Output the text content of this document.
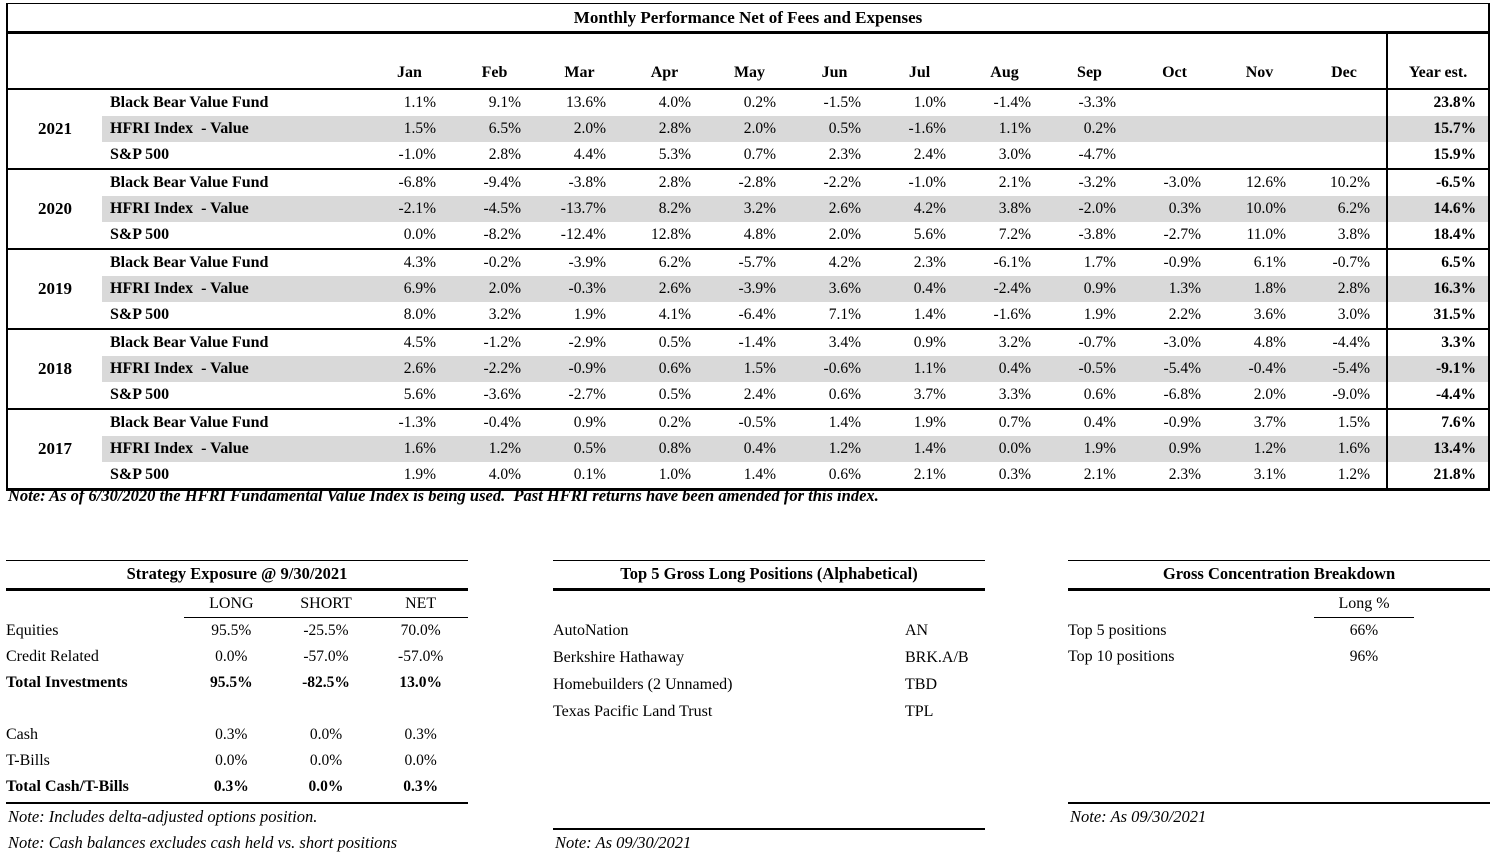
Monthly Performance Net of Fees and Expenses														
		Jan	Feb	Mar	Apr	May	Jun	Jul	Aug	Sep	Oct	Nov	Dec	Year est.
2021	Black Bear Value Fund	1.1%	9.1%	13.6%	4.0%	0.2%	-1.5%	1.0%	-1.4%	-3.3%				23.8%
	HFRI Index  - Value	1.5%	6.5%	2.0%	2.8%	2.0%	0.5%	-1.6%	1.1%	0.2%				15.7%
	S&P 500	-1.0%	2.8%	4.4%	5.3%	0.7%	2.3%	2.4%	3.0%	-4.7%				15.9%
2020	Black Bear Value Fund	-6.8%	-9.4%	-3.8%	2.8%	-2.8%	-2.2%	-1.0%	2.1%	-3.2%	-3.0%	12.6%	10.2%	-6.5%
	HFRI Index  - Value	-2.1%	-4.5%	-13.7%	8.2%	3.2%	2.6%	4.2%	3.8%	-2.0%	0.3%	10.0%	6.2%	14.6%
	S&P 500	0.0%	-8.2%	-12.4%	12.8%	4.8%	2.0%	5.6%	7.2%	-3.8%	-2.7%	11.0%	3.8%	18.4%
2019	Black Bear Value Fund	4.3%	-0.2%	-3.9%	6.2%	-5.7%	4.2%	2.3%	-6.1%	1.7%	-0.9%	6.1%	-0.7%	6.5%
	HFRI Index  - Value	6.9%	2.0%	-0.3%	2.6%	-3.9%	3.6%	0.4%	-2.4%	0.9%	1.3%	1.8%	2.8%	16.3%
	S&P 500	8.0%	3.2%	1.9%	4.1%	-6.4%	7.1%	1.4%	-1.6%	1.9%	2.2%	3.6%	3.0%	31.5%
2018	Black Bear Value Fund	4.5%	-1.2%	-2.9%	0.5%	-1.4%	3.4%	0.9%	3.2%	-0.7%	-3.0%	4.8%	-4.4%	3.3%
	HFRI Index  - Value	2.6%	-2.2%	-0.9%	0.6%	1.5%	-0.6%	1.1%	0.4%	-0.5%	-5.4%	-0.4%	-5.4%	-9.1%
	S&P 500	5.6%	-3.6%	-2.7%	0.5%	2.4%	0.6%	3.7%	3.3%	0.6%	-6.8%	2.0%	-9.0%	-4.4%
2017	Black Bear Value Fund	-1.3%	-0.4%	0.9%	0.2%	-0.5%	1.4%	1.9%	0.7%	0.4%	-0.9%	3.7%	1.5%	7.6%
	HFRI Index  - Value	1.6%	1.2%	0.5%	0.8%	0.4%	1.2%	1.4%	0.0%	1.9%	0.9%	1.2%	1.6%	13.4%
	S&P 500	1.9%	4.0%	0.1%	1.0%	1.4%	0.6%	2.1%	0.3%	2.1%	2.3%	3.1%	1.2%	21.8%
Note: As of 6/30/2020 the HFRI Fundamental Value Index is being used.  Past HFRI returns have been amended for this index.
Strategy Exposure @ 9/30/2021
	LONG	SHORT	NET
Equities	95.5%	-25.5%	70.0%
Credit Related	0.0%	-57.0%	-57.0%
Total Investments	95.5%	-82.5%	13.0%

Cash	0.3%	0.0%	0.3%
T-Bills	0.0%	0.0%	0.0%
Total Cash/T-Bills	0.3%	0.0%	0.3%
Note: Includes delta-adjusted options position.
Note: Cash balances excludes cash held vs. short positions
Top 5 Gross Long Positions (Alphabetical)
AutoNation	AN
Berkshire Hathaway	BRK.A/B
Homebuilders (2 Unnamed)	TBD
Texas Pacific Land Trust	TPL
Note: As 09/30/2021
Gross Concentration Breakdown
	Long %	
Top 5 positions	66%	
Top 10 positions	96%	
Note: As 09/30/2021
